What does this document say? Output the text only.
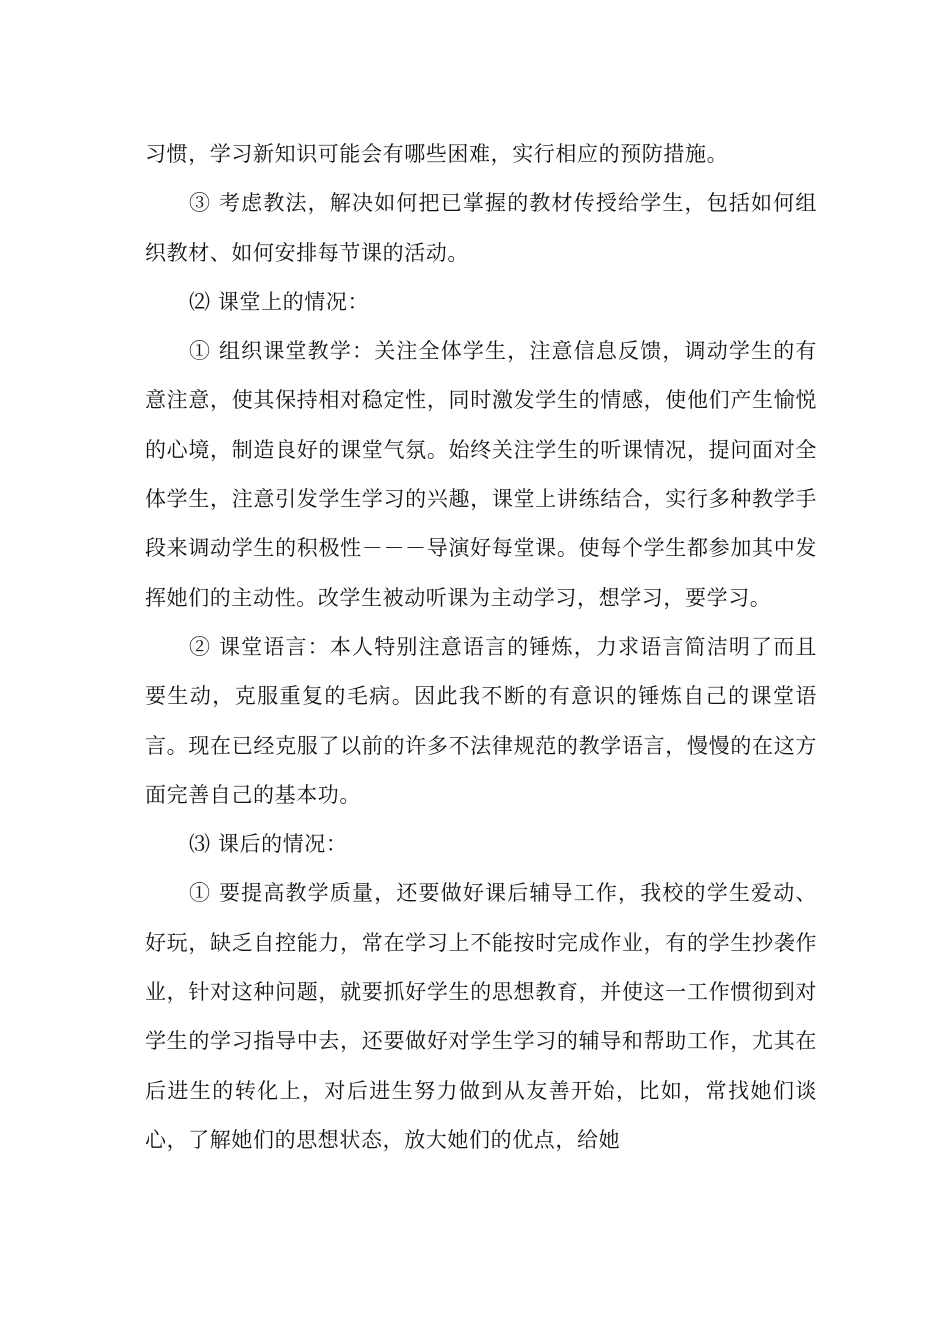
习惯，学习新知识可能会有哪些困难，实行相应的预防措施。

③ 考虑教法，解决如何把已掌握的教材传授给学生，包括如何组织教材、如何安排每节课的活动。

⑵ 课堂上的情况：

① 组织课堂教学：关注全体学生，注意信息反馈，调动学生的有意注意，使其保持相对稳定性，同时激发学生的情感，使他们产生愉悦的心境，制造良好的课堂气氛。始终关注学生的听课情况，提问面对全体学生，注意引发学生学习的兴趣，课堂上讲练结合，实行多种教学手段来调动学生的积极性－－－导演好每堂课。使每个学生都参加其中发挥她们的主动性。改学生被动听课为主动学习，想学习，要学习。

② 课堂语言：本人特别注意语言的锤炼，力求语言简洁明了而且要生动，克服重复的毛病。因此我不断的有意识的锤炼自己的课堂语言。现在已经克服了以前的许多不法律规范的教学语言，慢慢的在这方面完善自己的基本功。

⑶ 课后的情况：

① 要提高教学质量，还要做好课后辅导工作，我校的学生爱动、好玩，缺乏自控能力，常在学习上不能按时完成作业，有的学生抄袭作业，针对这种问题，就要抓好学生的思想教育，并使这一工作惯彻到对学生的学习指导中去，还要做好对学生学习的辅导和帮助工作，尤其在后进生的转化上，对后进生努力做到从友善开始，比如，常找她们谈心，了解她们的思想状态，放大她们的优点，给她
